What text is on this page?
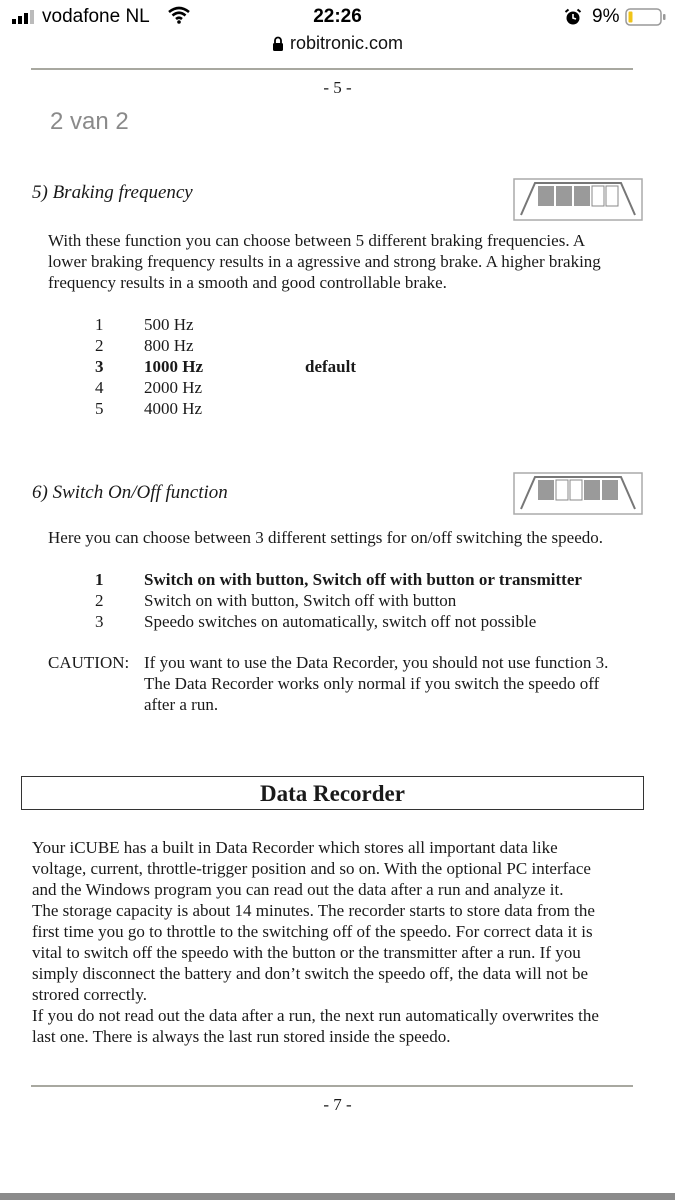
vodafone NL	22:26	9%
robitronic.com
- 5 -
2 van 2
5) Braking frequency
With these function you can choose between 5 different braking frequencies. A
lower braking frequency results in a agressive and strong brake. A higher braking
frequency results in a smooth and good controllable brake.
1 500 Hz
2 800 Hz
3 1000 Hz	default
4 2000 Hz
5 4000 Hz
6) Switch On/Off function
Here you can choose between 3 different settings for on/off switching the speedo.
1 Switch on with button, Switch off with button or transmitter
2 Switch on with button, Switch off with button
3 Speedo switches on automatically, switch off not possible
CAUTION: If you want to use the Data Recorder, you should not use function 3.
The Data Recorder works only normal if you switch the speedo off
after a run.
Data Recorder
Your iCUBE has a built in Data Recorder which stores all important data like
voltage, current, throttle-trigger position and so on. With the optional PC interface
and the Windows program you can read out the data after a run and analyze it.
The storage capacity is about 14 minutes. The recorder starts to store data from the
first time you go to throttle to the switching off of the speedo. For correct data it is
vital to switch off the speedo with the button or the transmitter after a run. If you
simply disconnect the battery and don’t switch the speedo off, the data will not be
strored correctly.
If you do not read out the data after a run, the next run automatically overwrites the
last one. There is always the last run stored inside the speedo.
- 7 -
